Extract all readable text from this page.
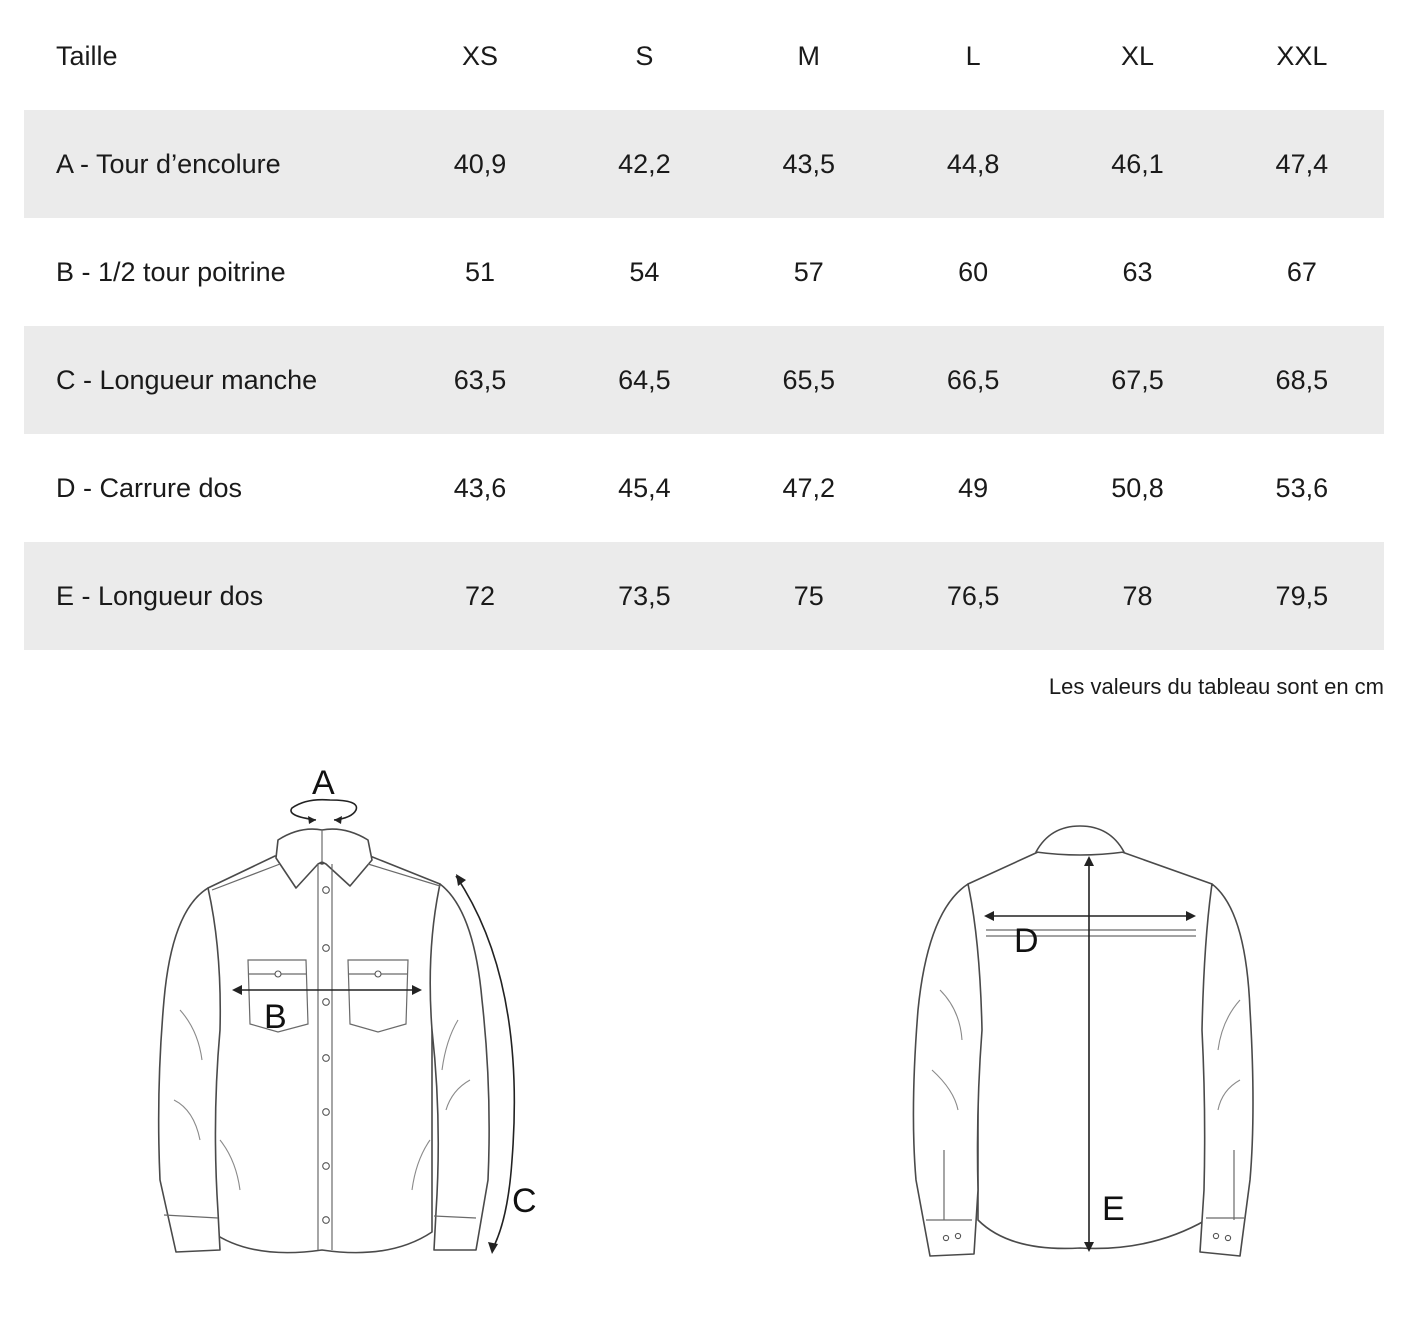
Taille	XS	S	M	L	XL	XXL
A - Tour d’encolure	40,9	42,2	43,5	44,8	46,1	47,4
B - 1/2 tour poitrine	51	54	57	60	63	67
C - Longueur manche	63,5	64,5	65,5	66,5	67,5	68,5
D - Carrure dos	43,6	45,4	47,2	49	50,8	53,6
E - Longueur dos	72	73,5	75	76,5	78	79,5
Les valeurs du tableau sont en cm
A
B
C
D
E
